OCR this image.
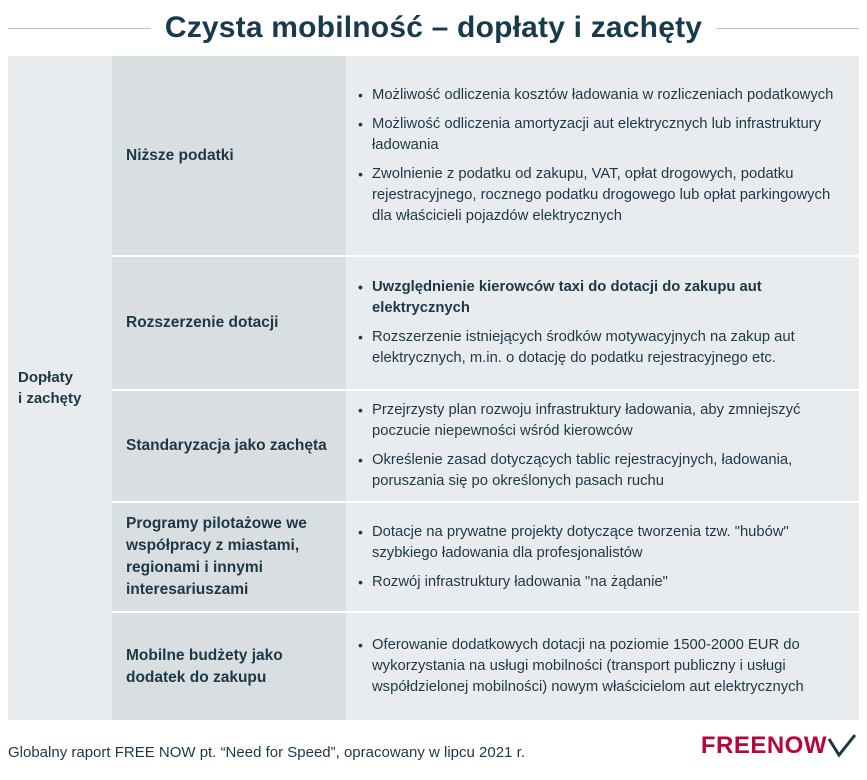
Czysta mobilność – dopłaty i zachęty
Dopłaty
i zachęty
Niższe podatki
• Możliwość odliczenia kosztów ładowania w rozliczeniach podatkowych
• Możliwość odliczenia amortyzacji aut elektrycznych lub infrastruktury ładowania
• Zwolnienie z podatku od zakupu, VAT, opłat drogowych, podatku rejestracyjnego, rocznego podatku drogowego lub opłat parkingowych dla właścicieli pojazdów elektrycznych
Rozszerzenie dotacji
• Uwzględnienie kierowców taxi do dotacji do zakupu aut elektrycznych
• Rozszerzenie istniejących środków motywacyjnych na zakup aut elektrycznych, m.in. o dotację do podatku rejestracyjnego etc.
Standaryzacja jako zachęta
• Przejrzysty plan rozwoju infrastruktury ładowania, aby zmniejszyć poczucie niepewności wśród kierowców
• Określenie zasad dotyczących tablic rejestracyjnych, ładowania, poruszania się po określonych pasach ruchu
Programy pilotażowe we współpracy z miastami, regionami i innymi interesariuszami
• Dotacje na prywatne projekty dotyczące tworzenia tzw. "hubów" szybkiego ładowania dla profesjonalistów
• Rozwój infrastruktury ładowania "na żądanie"
Mobilne budżety jako dodatek do zakupu
• Oferowanie dodatkowych dotacji na poziomie 1500-2000 EUR do wykorzystania na usługi mobilności (transport publiczny i usługi współdzielonej mobilności) nowym właścicielom aut elektrycznych
Globalny raport FREE NOW pt. “Need for Speed”, opracowany w lipcu 2021 r.	FREENOW
